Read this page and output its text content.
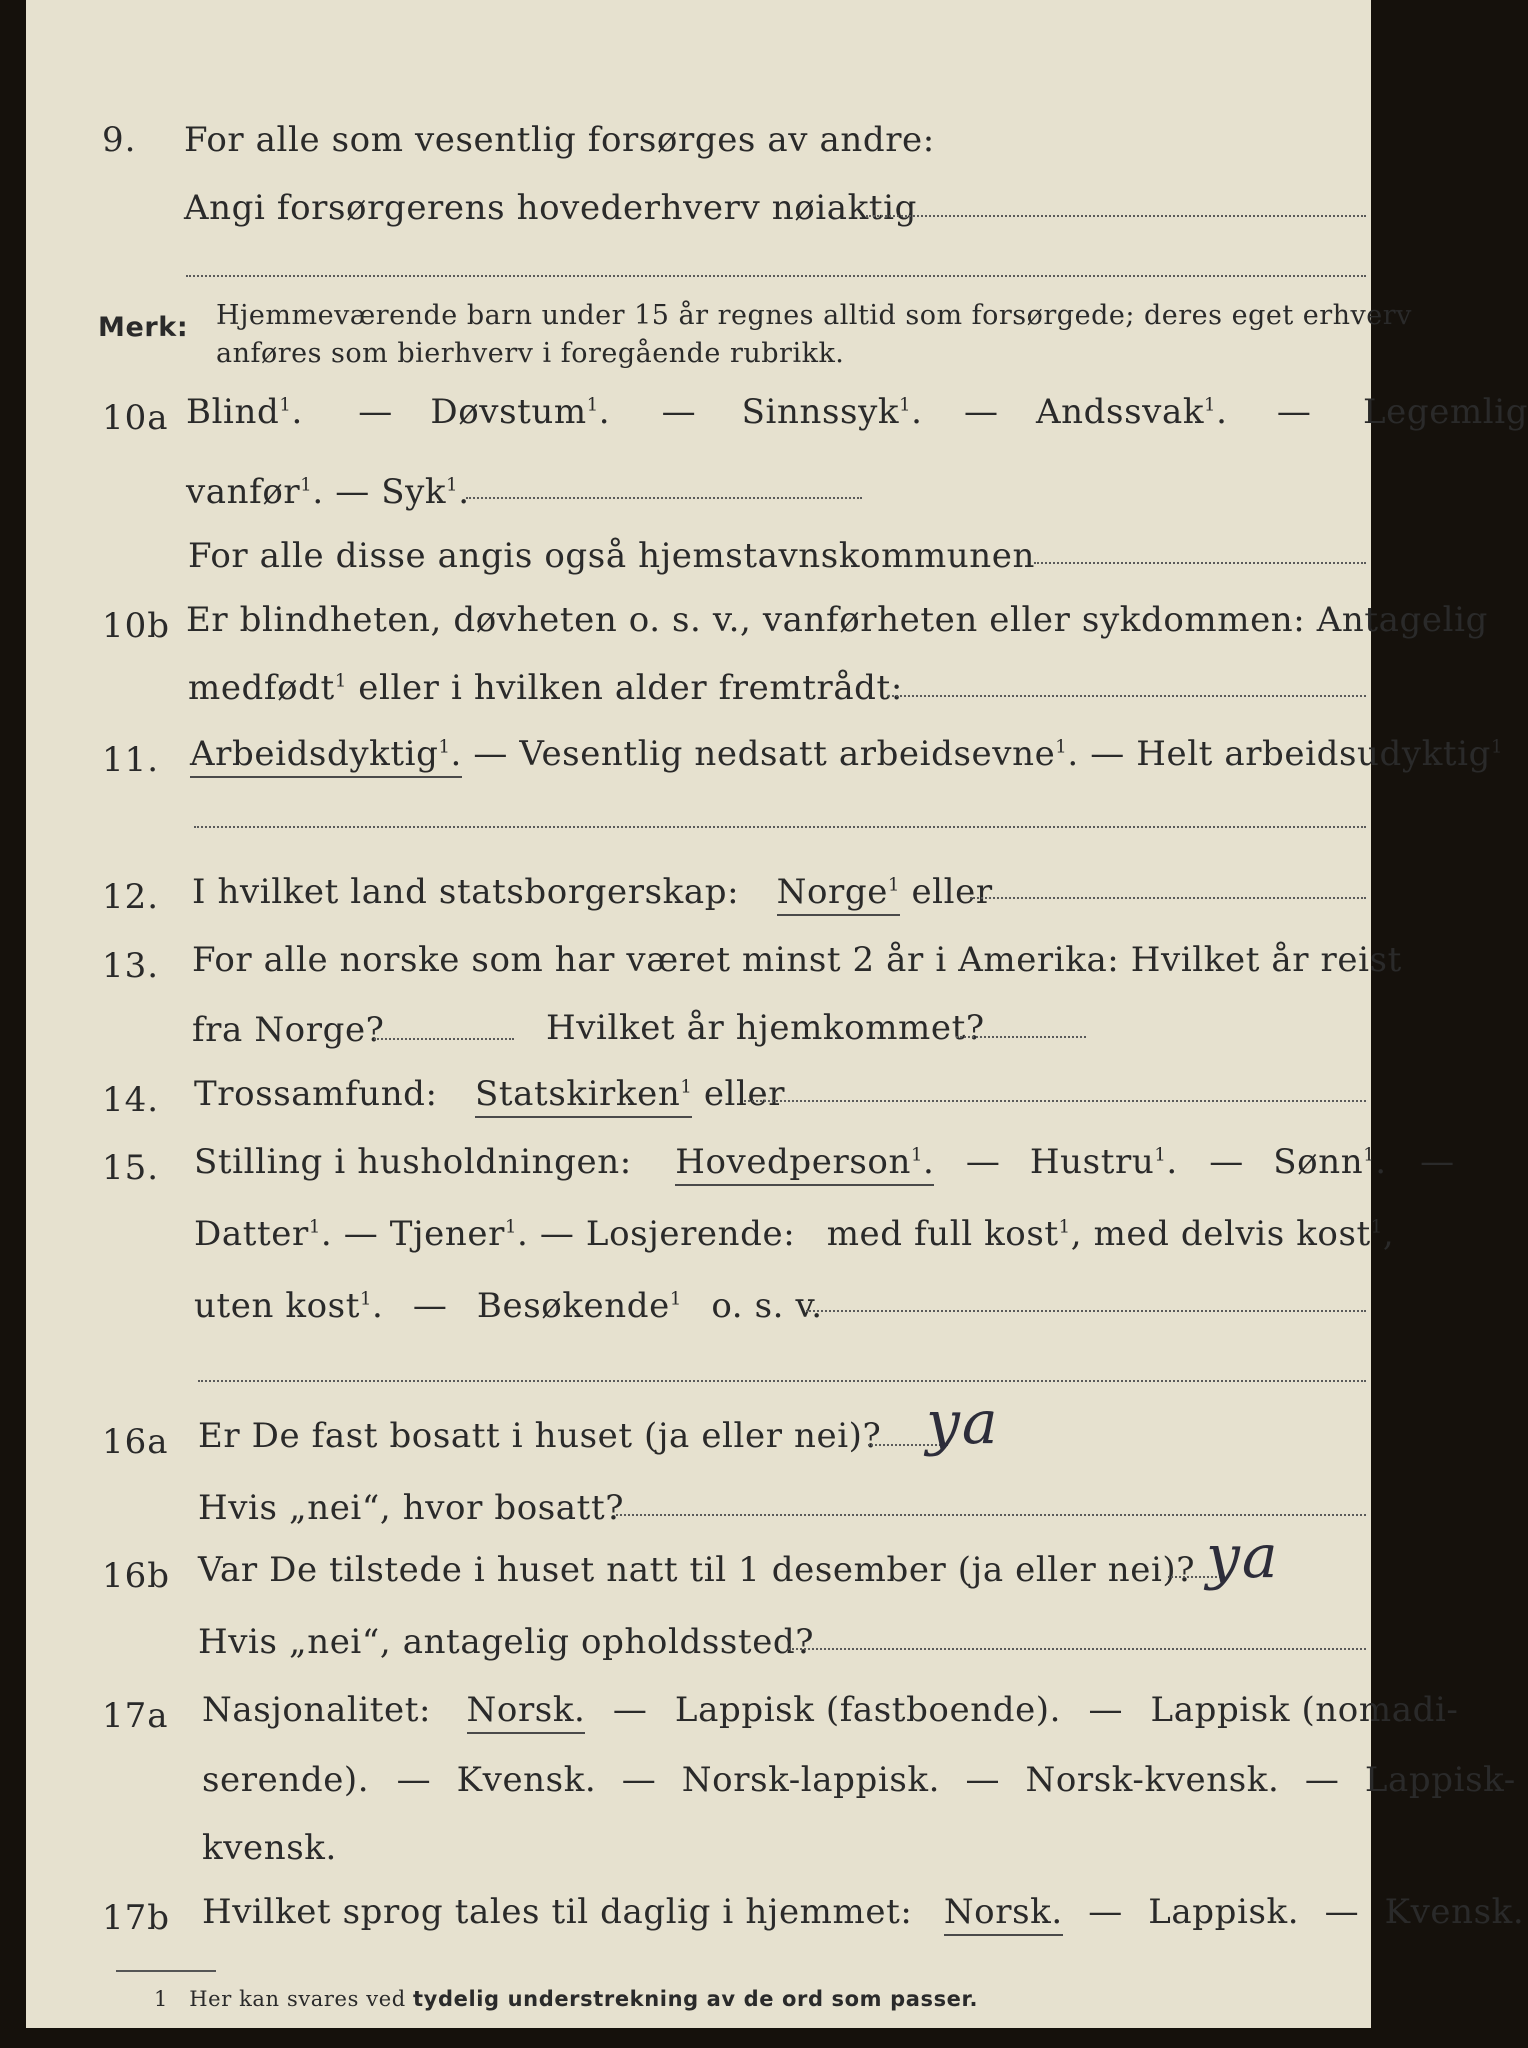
9.	For alle som vesentlig forsørges av andre:
Angi forsørgerens hovederhverv nøiaktig
Merk: Hjemmeværende barn under 15 år regnes alltid som forsørgede; deres eget erhverv
anføres som bierhverv i foregående rubrikk.
10a Blind$^1$. — Døvstum$^1$. — Sinnssyk$^1$. — Andssvak$^1$. — Legemlig
vanfør$^1$. — Syk$^1$.
For alle disse angis også hjemstavnskommunen
10b Er blindheten, døvheten o. s. v., vanførheten eller sykdommen: Antagelig
medfødt$^1$ eller i hvilken alder fremtrådt:
11. Arbeidsdyktig$^1$. — Vesentlig nedsatt arbeidsevne$^1$. — Helt arbeidsudyktig$^1$
12. I hvilket land statsborgerskap: Norge$^1$ eller
13. For alle norske som har været minst 2 år i Amerika: Hvilket år reist
fra Norge?	Hvilket år hjemkommet?
14.	Trossamfund: Statskirken$^1$ eller
15.	Stilling i husholdningen: Hovedperson$^1$. — Hustru$^1$. — Sønn$^1$. —
Datter$^1$. — Tjener$^1$. — Losjerende: med full kost$^1$, med delvis kost$^1$,
uten kost$^1$. — Besøkende$^1$ o. s. v.
16a Er De fast bosatt i huset (ja eller nei)? ya
Hvis „nei“, hvor bosatt?
16b Var De tilstede i huset natt til 1 desember (ja eller nei)? ya
Hvis „nei“, antagelig opholdssted?
17a Nasjonalitet: Norsk. — Lappisk (fastboende). — Lappisk (nomadi-
serende). — Kvensk. — Norsk-lappisk. — Norsk-kvensk. — Lappisk-
kvensk.
17b Hvilket sprog tales til daglig i hjemmet: Norsk. — Lappisk. — Kvensk.
1 Her kan svares ved tydelig understrekning av de ord som passer.
